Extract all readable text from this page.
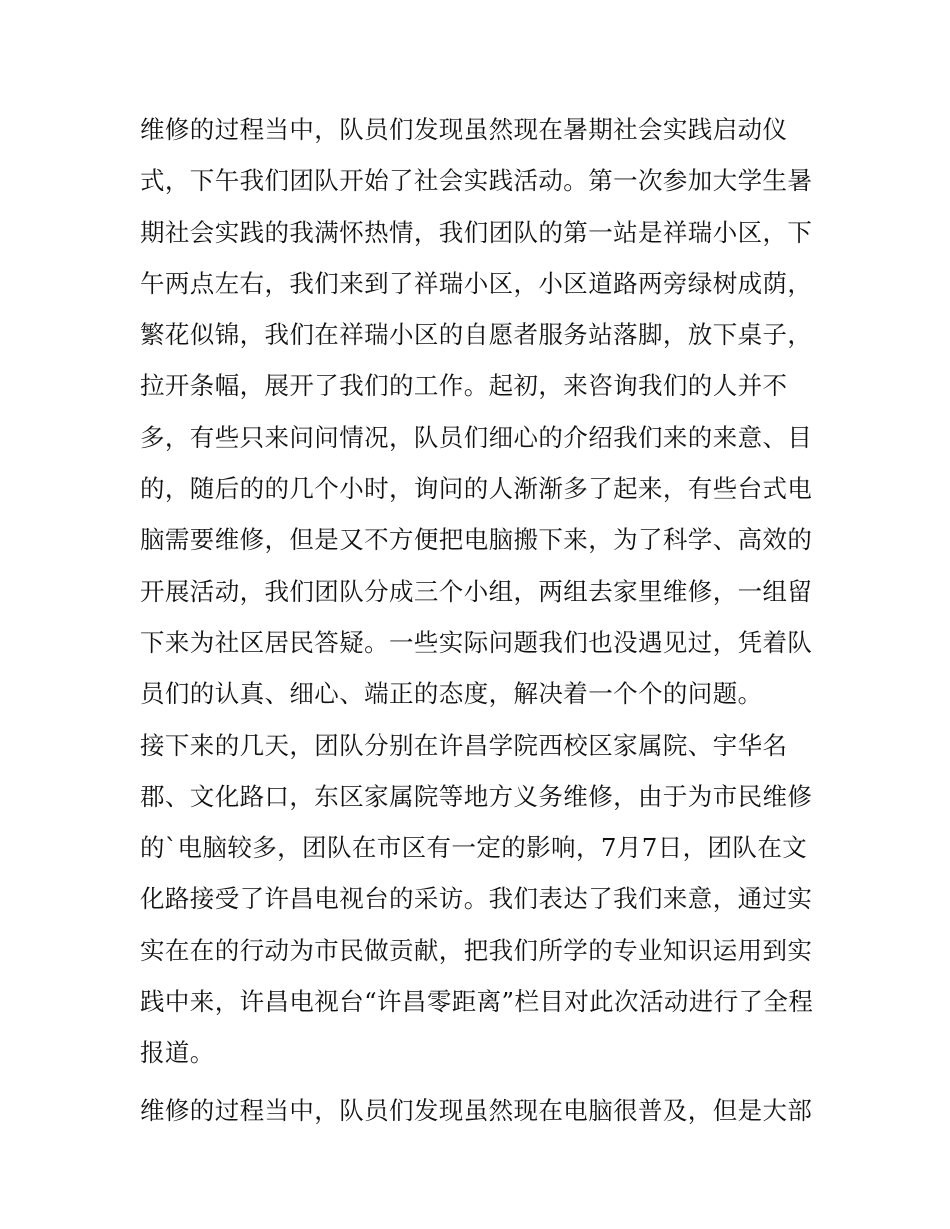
维修的过程当中，队员们发现虽然现在暑期社会实践启动仪
式，下午我们团队开始了社会实践活动。第一次参加大学生暑
期社会实践的我满怀热情，我们团队的第一站是祥瑞小区，下
午两点左右，我们来到了祥瑞小区，小区道路两旁绿树成荫，
繁花似锦，我们在祥瑞小区的自愿者服务站落脚，放下桌子，
拉开条幅，展开了我们的工作。起初，来咨询我们的人并不
多，有些只来问问情况，队员们细心的介绍我们来的来意、目
的，随后的的几个小时，询问的人渐渐多了起来，有些台式电
脑需要维修，但是又不方便把电脑搬下来，为了科学、高效的
开展活动，我们团队分成三个小组，两组去家里维修，一组留
下来为社区居民答疑。一些实际问题我们也没遇见过，凭着队
员们的认真、细心、端正的态度，解决着一个个的问题。
接下来的几天，团队分别在许昌学院西校区家属院、宇华名
郡、文化路口，东区家属院等地方义务维修，由于为市民维修
的`电脑较多，团队在市区有一定的影响，7月7日，团队在文
化路接受了许昌电视台的采访。我们表达了我们来意，通过实
实在在的行动为市民做贡献，把我们所学的专业知识运用到实
践中来，许昌电视台“许昌零距离”栏目对此次活动进行了全程
报道。
维修的过程当中，队员们发现虽然现在电脑很普及，但是大部
